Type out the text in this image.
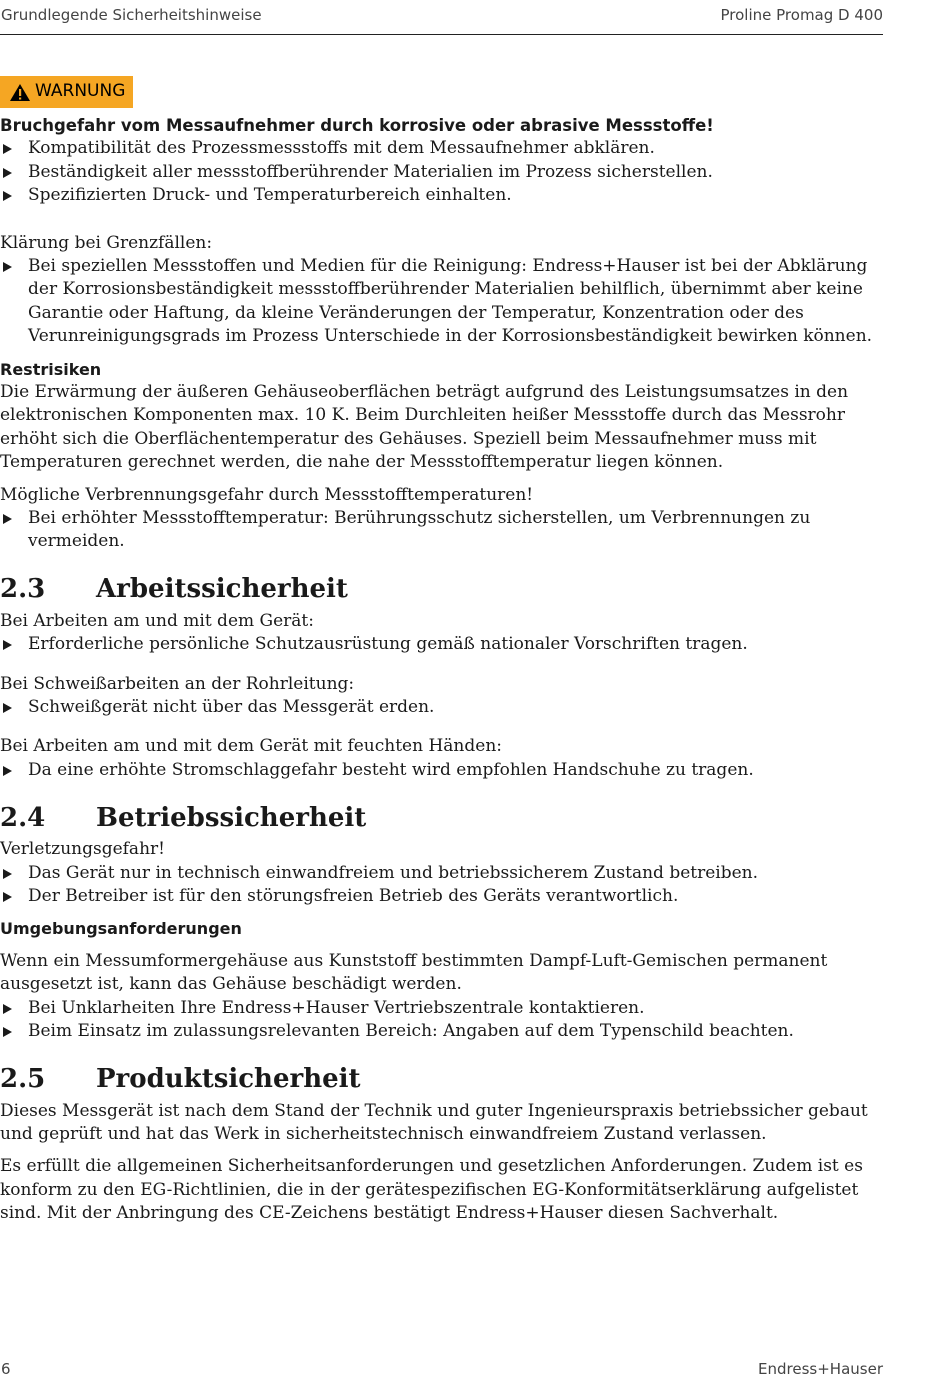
Grundlegende Sicherheitshinweise	Proline Promag D 400
WARNUNG
Bruchgefahr vom Messaufnehmer durch korrosive oder abrasive Messstoffe!
Kompatibilität des Prozessmessstoffs mit dem Messaufnehmer abklären.
Beständigkeit aller messstoffberührender Materialien im Prozess sicherstellen.
Spezifizierten Druck- und Temperaturbereich einhalten.

Klärung bei Grenzfällen:

Bei speziellen Messstoffen und Medien für die Reinigung: Endress+Hauser ist bei der Abklärung der Korrosionsbeständigkeit messstoffberührender Materialien behilflich, übernimmt aber keine Garantie oder Haftung, da kleine Veränderungen der Temperatur, Konzentration oder des Verunreinigungsgrads im Prozess Unterschiede in der Korrosionsbeständigkeit bewirken können.
Restrisiken

Die Erwärmung der äußeren Gehäuseoberflächen beträgt aufgrund des Leistungsumsatzes in den elektronischen Komponenten max. 10 K. Beim Durchleiten heißer Messstoffe durch das Messrohr erhöht sich die Oberflächentemperatur des Gehäuses. Speziell beim Messaufnehmer muss mit Temperaturen gerechnet werden, die nahe der Messstofftemperatur liegen können.

Mögliche Verbrennungsgefahr durch Messstofftemperaturen!

Bei erhöhter Messstofftemperatur: Berührungsschutz sicherstellen, um Verbrennungen zu vermeiden.
2.3	Arbeitssicherheit

Bei Arbeiten am und mit dem Gerät:

Erforderliche persönliche Schutzausrüstung gemäß nationaler Vorschriften tragen.

Bei Schweißarbeiten an der Rohrleitung:

Schweißgerät nicht über das Messgerät erden.

Bei Arbeiten am und mit dem Gerät mit feuchten Händen:

Da eine erhöhte Stromschlaggefahr besteht wird empfohlen Handschuhe zu tragen.
2.4	Betriebssicherheit

Verletzungsgefahr!

Das Gerät nur in technisch einwandfreiem und betriebssicherem Zustand betreiben.
Der Betreiber ist für den störungsfreien Betrieb des Geräts verantwortlich.
Umgebungsanforderungen

Wenn ein Messumformergehäuse aus Kunststoff bestimmten Dampf-Luft-Gemischen permanent ausgesetzt ist, kann das Gehäuse beschädigt werden.

Bei Unklarheiten Ihre Endress+Hauser Vertriebszentrale kontaktieren.
Beim Einsatz im zulassungsrelevanten Bereich: Angaben auf dem Typenschild beachten.
2.5	Produktsicherheit

Dieses Messgerät ist nach dem Stand der Technik und guter Ingenieurspraxis betriebssicher gebaut und geprüft und hat das Werk in sicherheitstechnisch einwandfreiem Zustand verlassen.

Es erfüllt die allgemeinen Sicherheitsanforderungen und gesetzlichen Anforderungen. Zudem ist es konform zu den EG-Richtlinien, die in der gerätespezifischen EG-Konformitätserklärung aufgelistet sind. Mit der Anbringung des CE-Zeichens bestätigt Endress+Hauser diesen Sachverhalt.

6	Endress+Hauser
